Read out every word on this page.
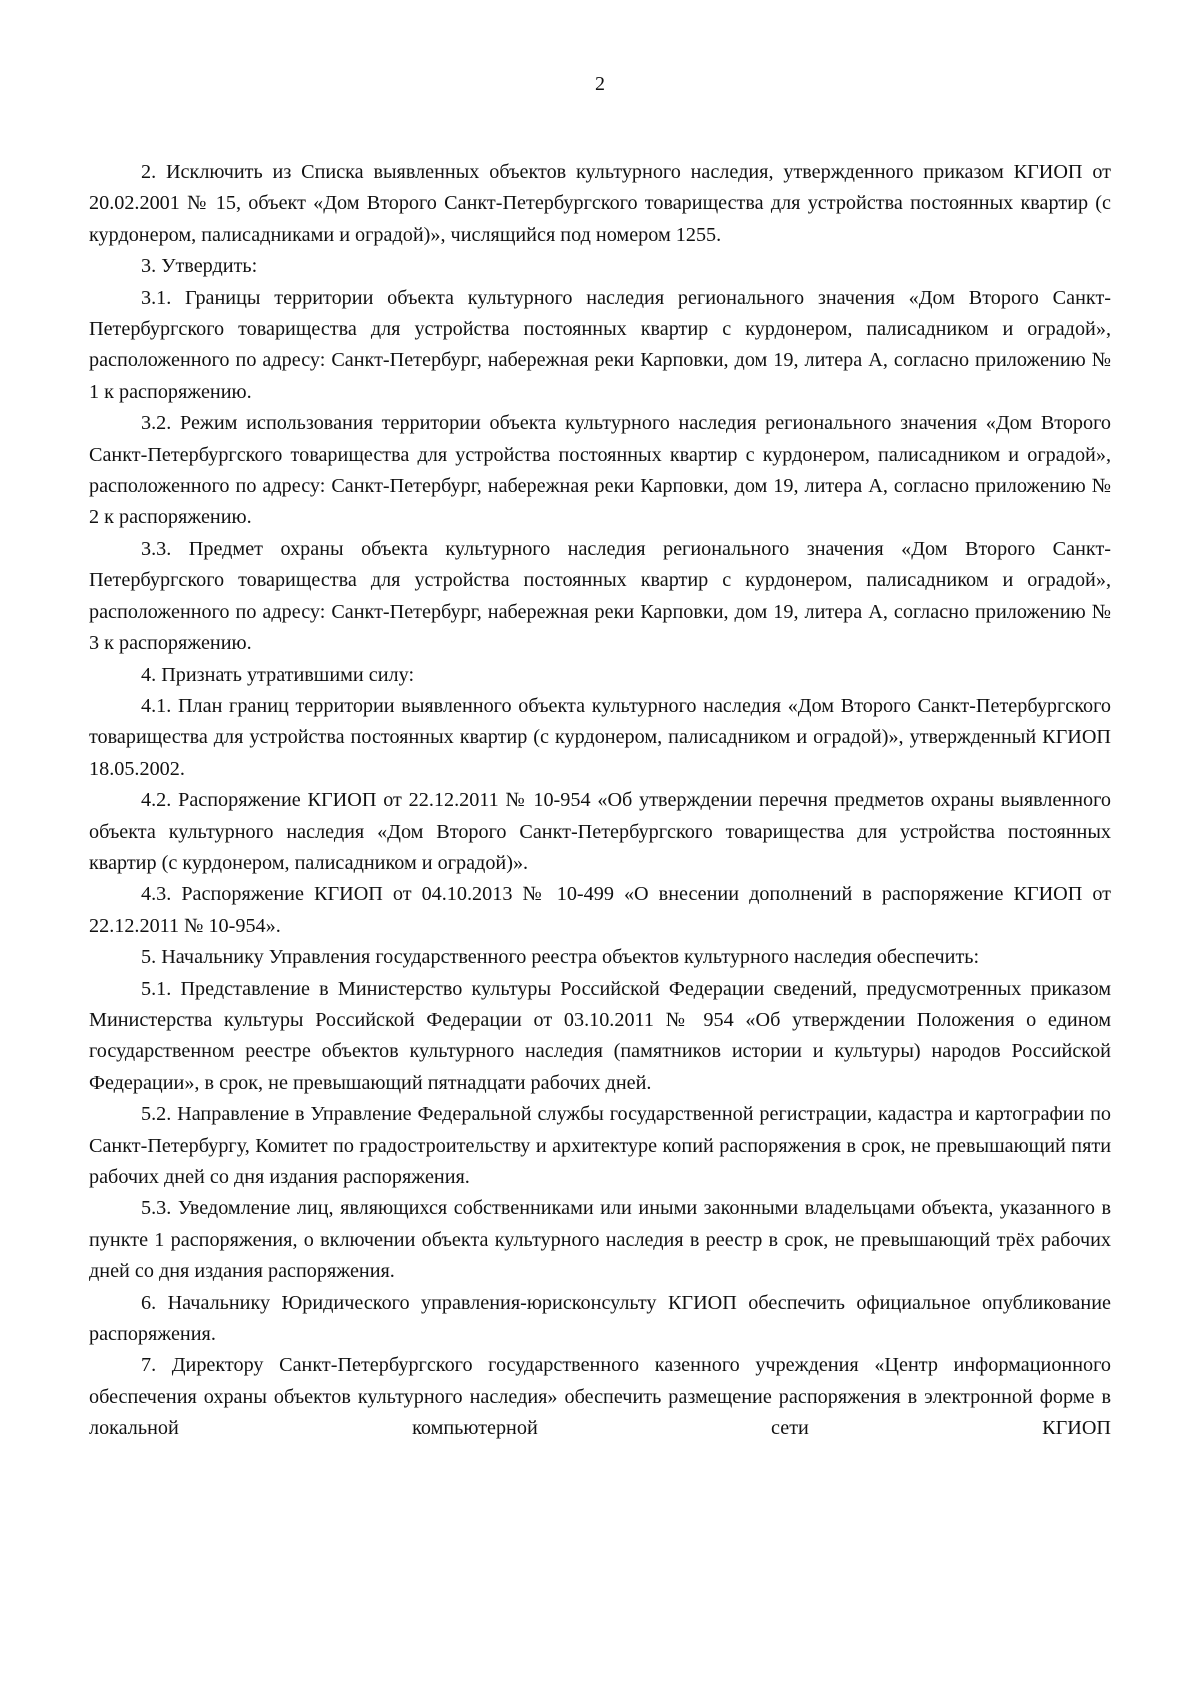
2

2. Исключить из Списка выявленных объектов культурного наследия, утвержденного приказом КГИОП от 20.02.2001 № 15, объект «Дом Второго Санкт-Петербургского товарищества для устройства постоянных квартир (с курдонером, палисадниками и оградой)», числящийся под номером 1255.

3. Утвердить:

3.1. Границы территории объекта культурного наследия регионального значения «Дом Второго Санкт-Петербургского товарищества для устройства постоянных квартир с курдонером, палисадником и оградой», расположенного по адресу: Санкт-Петербург, набережная реки Карповки, дом 19, литера А, согласно приложению № 1 к распоряжению.

3.2. Режим использования территории объекта культурного наследия регионального значения «Дом Второго Санкт-Петербургского товарищества для устройства постоянных квартир с курдонером, палисадником и оградой», расположенного по адресу: Санкт-Петербург, набережная реки Карповки, дом 19, литера А, согласно приложению № 2 к распоряжению.

3.3. Предмет охраны объекта культурного наследия регионального значения «Дом Второго Санкт-Петербургского товарищества для устройства постоянных квартир с курдонером, палисадником и оградой», расположенного по адресу: Санкт-Петербург, набережная реки Карповки, дом 19, литера А, согласно приложению № 3 к распоряжению.

4. Признать утратившими силу:

4.1. План границ территории выявленного объекта культурного наследия «Дом Второго Санкт-Петербургского товарищества для устройства постоянных квартир (с курдонером, палисадником и оградой)», утвержденный КГИОП 18.05.2002.

4.2. Распоряжение КГИОП от 22.12.2011 № 10-954 «Об утверждении перечня предметов охраны выявленного объекта культурного наследия «Дом Второго Санкт-Петербургского товарищества для устройства постоянных квартир (с курдонером, палисадником и оградой)».

4.3. Распоряжение КГИОП от 04.10.2013 № 10-499 «О внесении дополнений в распоряжение КГИОП от 22.12.2011 № 10-954».

5. Начальнику Управления государственного реестра объектов культурного наследия обеспечить:

5.1. Представление в Министерство культуры Российской Федерации сведений, предусмотренных приказом Министерства культуры Российской Федерации от 03.10.2011 № 954 «Об утверждении Положения о едином государственном реестре объектов культурного наследия (памятников истории и культуры) народов Российской Федерации», в срок, не превышающий пятнадцати рабочих дней.

5.2. Направление в Управление Федеральной службы государственной регистрации, кадастра и картографии по Санкт-Петербургу, Комитет по градостроительству и архитектуре копий распоряжения в срок, не превышающий пяти рабочих дней со дня издания распоряжения.

5.3. Уведомление лиц, являющихся собственниками или иными законными владельцами объекта, указанного в пункте 1 распоряжения, о включении объекта культурного наследия в реестр в срок, не превышающий трёх рабочих дней со дня издания распоряжения.

6. Начальнику Юридического управления-юрисконсульту КГИОП обеспечить официальное опубликование распоряжения.

7. Директору Санкт-Петербургского государственного казенного учреждения «Центр информационного обеспечения охраны объектов культурного наследия» обеспечить размещение распоряжения в электронной форме в локальной компьютерной сети КГИОП
